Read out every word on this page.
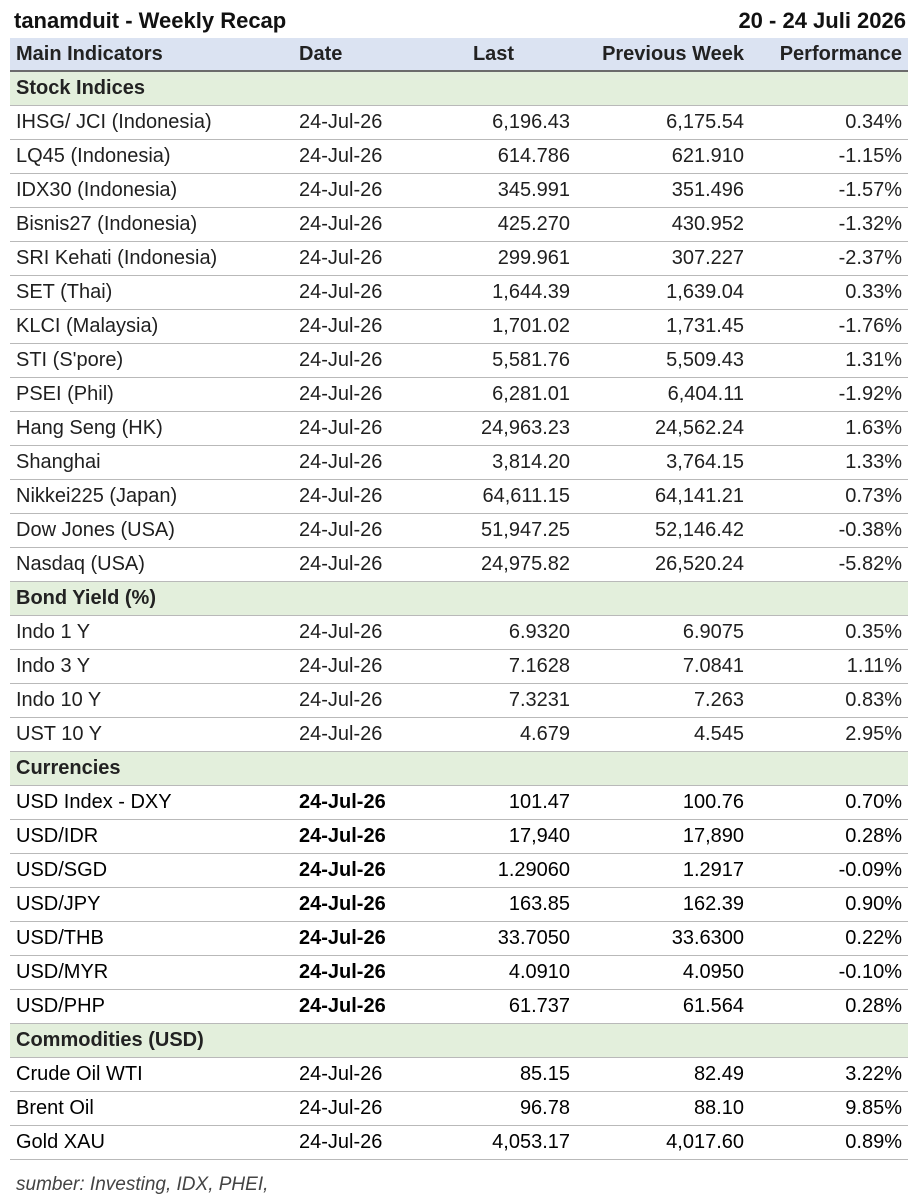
tanamduit - Weekly Recap	20 - 24 Juli 2026
Main Indicators	Date	Last	Previous Week	Performance
Stock Indices				
IHSG/ JCI (Indonesia)	24-Jul-26	6,196.43	6,175.54	0.34%
LQ45 (Indonesia)	24-Jul-26	614.786	621.910	-1.15%
IDX30 (Indonesia)	24-Jul-26	345.991	351.496	-1.57%
Bisnis27 (Indonesia)	24-Jul-26	425.270	430.952	-1.32%
SRI Kehati (Indonesia)	24-Jul-26	299.961	307.227	-2.37%
SET (Thai)	24-Jul-26	1,644.39	1,639.04	0.33%
KLCI (Malaysia)	24-Jul-26	1,701.02	1,731.45	-1.76%
STI (S'pore)	24-Jul-26	5,581.76	5,509.43	1.31%
PSEI (Phil)	24-Jul-26	6,281.01	6,404.11	-1.92%
Hang Seng (HK)	24-Jul-26	24,963.23	24,562.24	1.63%
Shanghai	24-Jul-26	3,814.20	3,764.15	1.33%
Nikkei225 (Japan)	24-Jul-26	64,611.15	64,141.21	0.73%
Dow Jones (USA)	24-Jul-26	51,947.25	52,146.42	-0.38%
Nasdaq (USA)	24-Jul-26	24,975.82	26,520.24	-5.82%
Bond Yield (%)				
Indo 1 Y	24-Jul-26	6.9320	6.9075	0.35%
Indo 3 Y	24-Jul-26	7.1628	7.0841	1.11%
Indo 10 Y	24-Jul-26	7.3231	7.263	0.83%
UST 10 Y	24-Jul-26	4.679	4.545	2.95%
Currencies				
USD Index - DXY	24-Jul-26	101.47	100.76	0.70%
USD/IDR	24-Jul-26	17,940	17,890	0.28%
USD/SGD	24-Jul-26	1.29060	1.2917	-0.09%
USD/JPY	24-Jul-26	163.85	162.39	0.90%
USD/THB	24-Jul-26	33.7050	33.6300	0.22%
USD/MYR	24-Jul-26	4.0910	4.0950	-0.10%
USD/PHP	24-Jul-26	61.737	61.564	0.28%
Commodities (USD)				
Crude Oil WTI	24-Jul-26	85.15	82.49	3.22%
Brent Oil	24-Jul-26	96.78	88.10	9.85%
Gold XAU	24-Jul-26	4,053.17	4,017.60	0.89%
sumber: Investing, IDX, PHEI,
